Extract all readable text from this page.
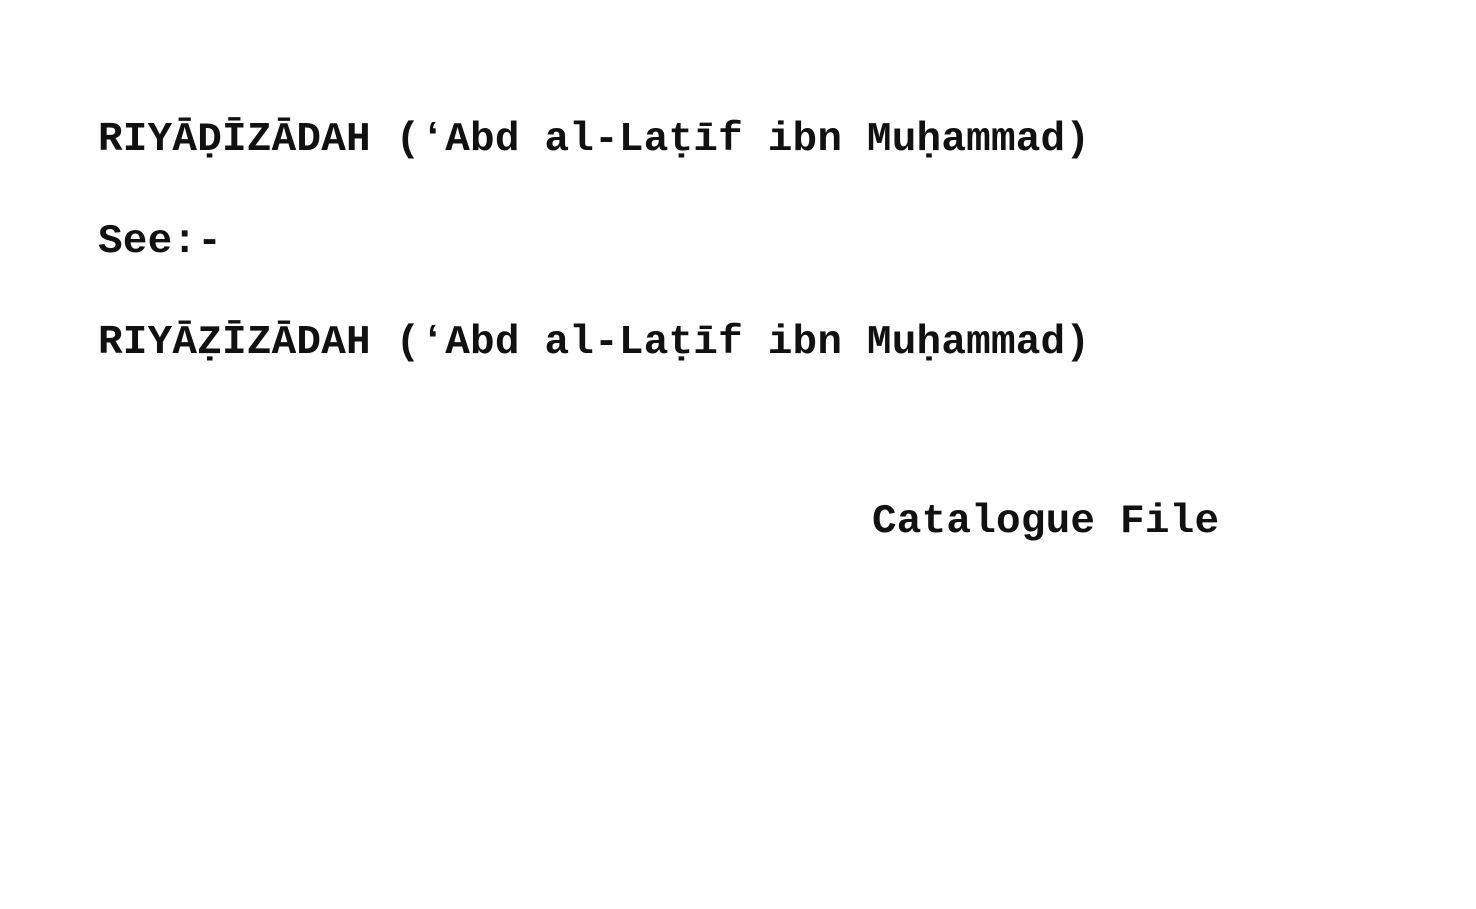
RIYĀḌĪZĀDAH (ʻAbd al-Laṭīf ibn Muḥammad)
See:-
RIYĀẒĪZĀDAH (ʻAbd al-Laṭīf ibn Muḥammad)
Catalogue File
